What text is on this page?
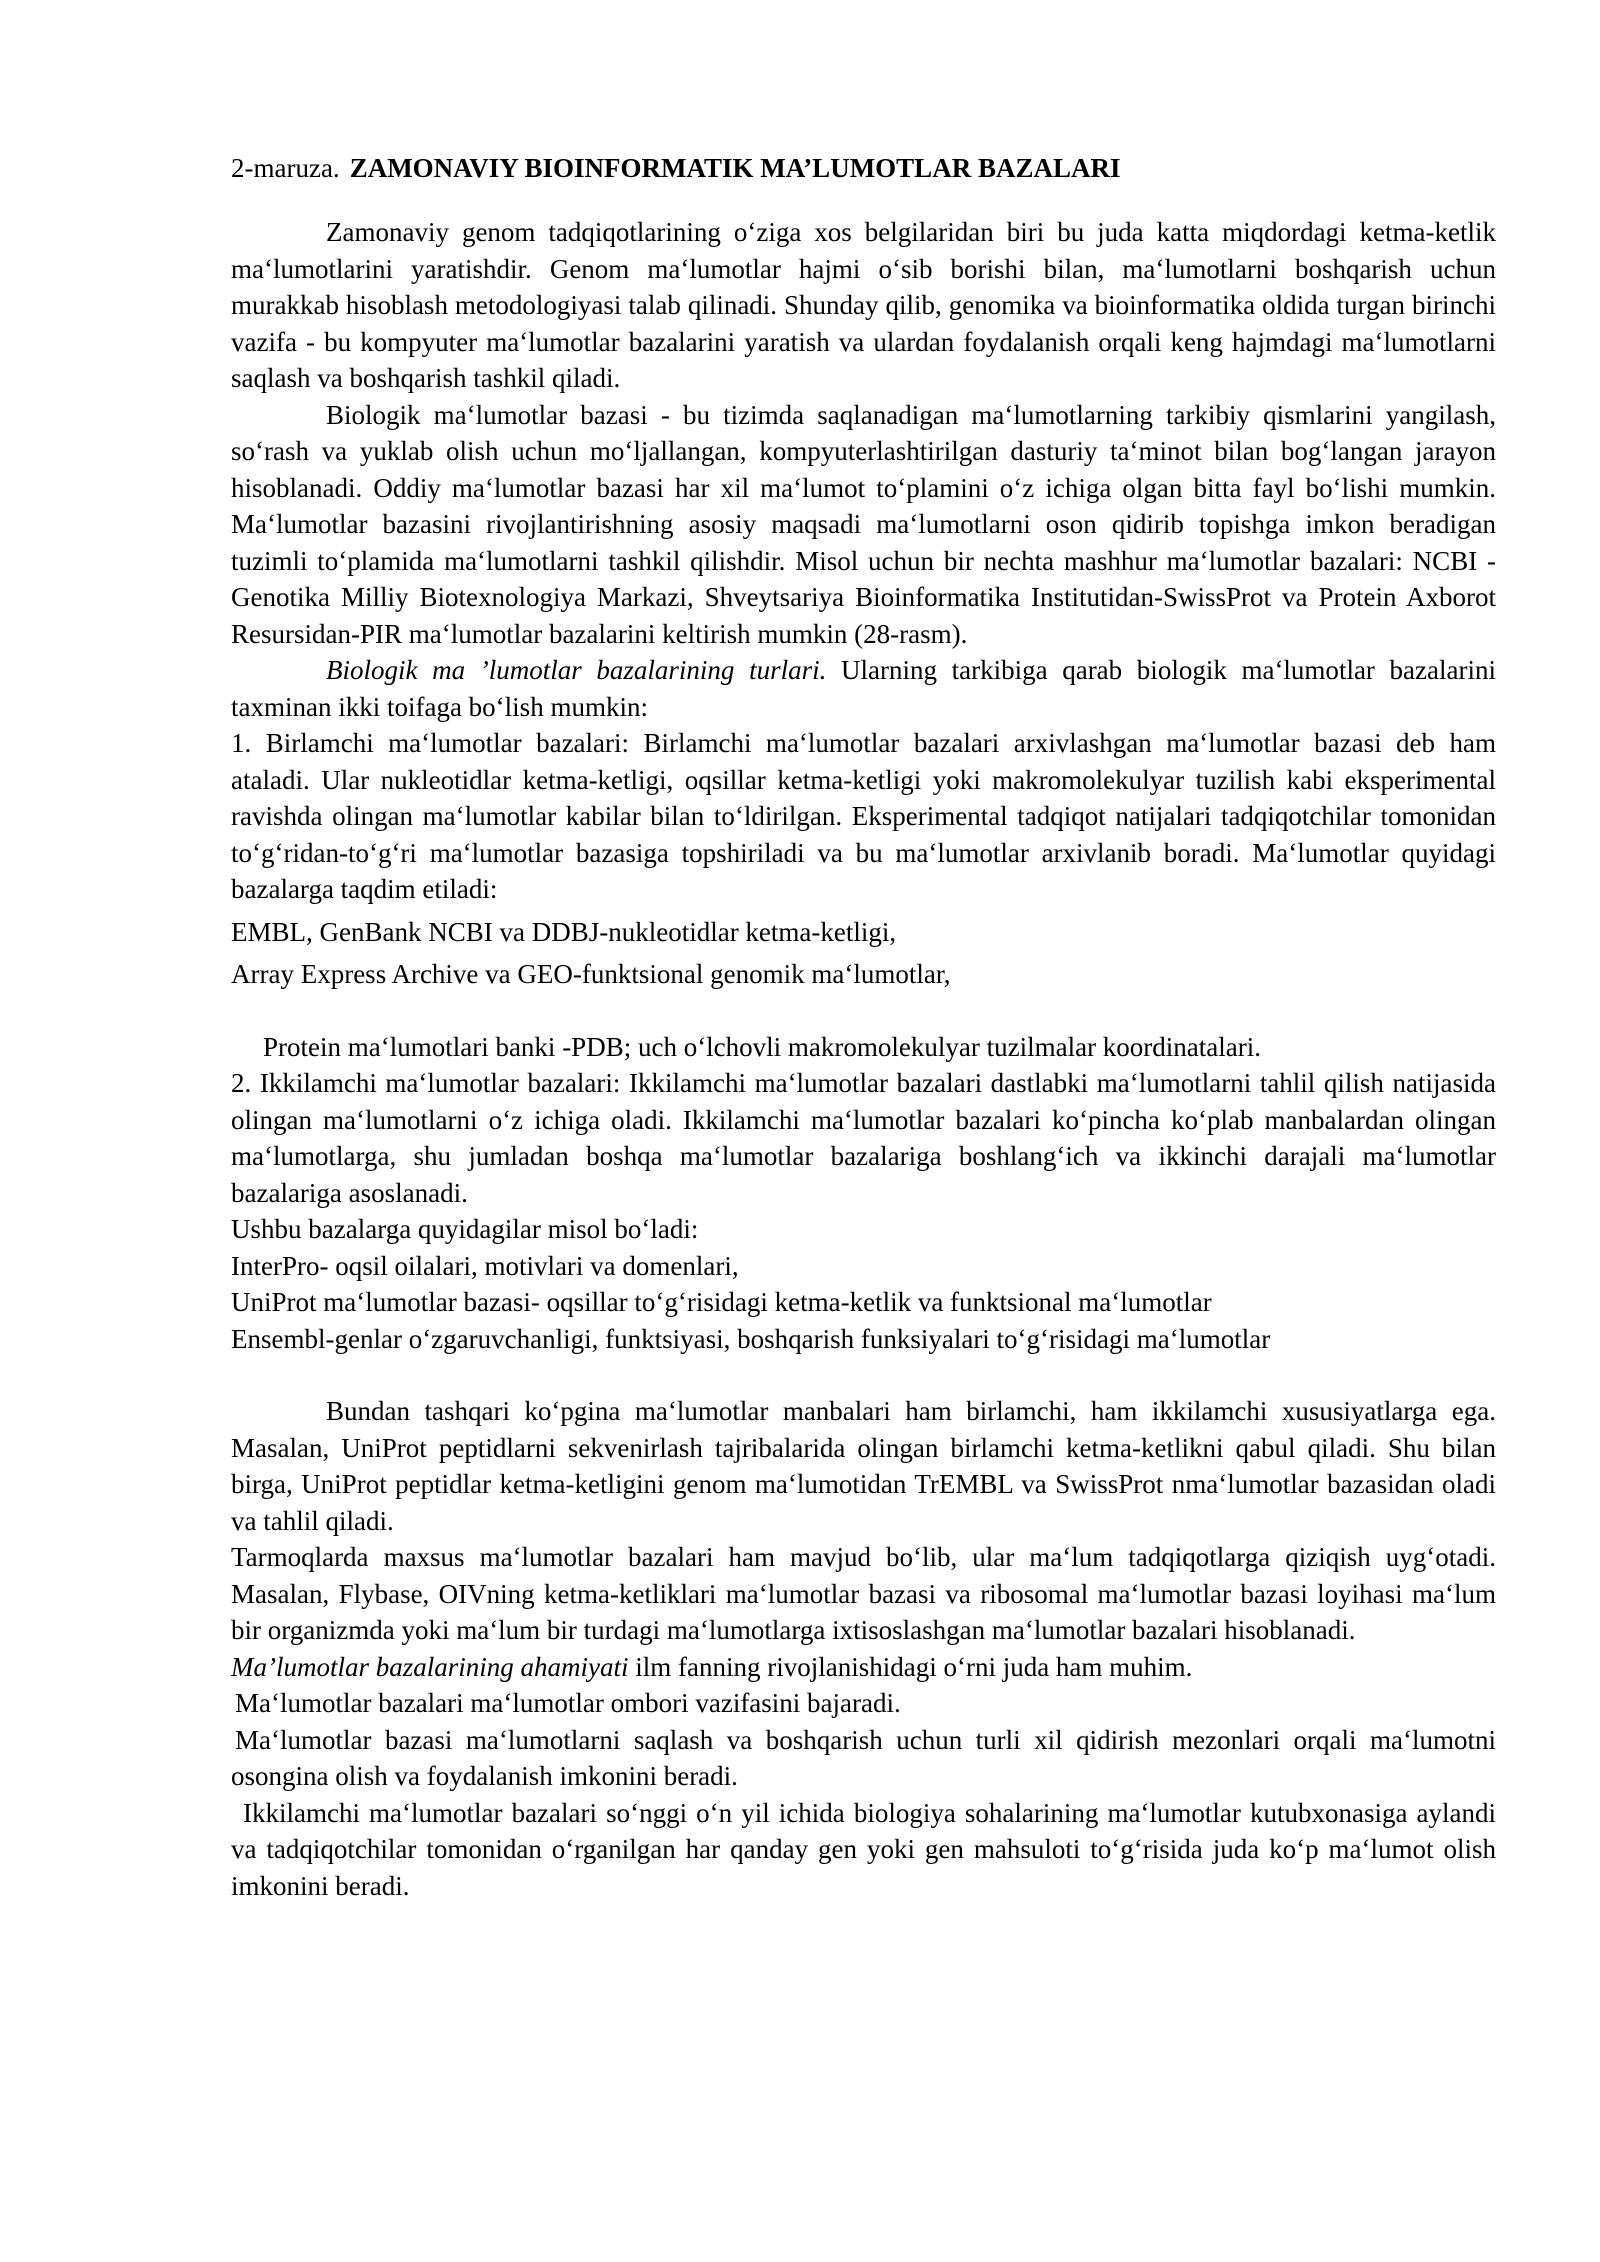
2-maruza. ZAMONAVIY BIOINFORMATIK MA’LUMOTLAR BAZALARI

Zamonaviy genom tadqiqotlarining oʻziga xos belgilaridan biri bu juda katta miqdordagi ketma-ketlik maʻlumotlarini yaratishdir. Genom maʻlumotlar hajmi oʻsib borishi bilan, maʻlumotlarni boshqarish uchun murakkab hisoblash metodologiyasi talab qilinadi. Shunday qilib, genomika va bioinformatika oldida turgan birinchi vazifa - bu kompyuter maʻlumotlar bazalarini yaratish va ulardan foydalanish orqali keng hajmdagi maʻlumotlarni saqlash va boshqarish tashkil qiladi.

Biologik maʻlumotlar bazasi - bu tizimda saqlanadigan maʻlumotlarning tarkibiy qismlarini yangilash, soʻrash va yuklab olish uchun moʻljallangan, kompyuterlashtirilgan dasturiy taʻminot bilan bogʻlangan jarayon hisoblanadi. Oddiy maʻlumotlar bazasi har xil maʻlumot toʻplamini oʻz ichiga olgan bitta fayl boʻlishi mumkin. Maʻlumotlar bazasini rivojlantirishning asosiy maqsadi maʻlumotlarni oson qidirib topishga imkon beradigan tuzimli toʻplamida maʻlumotlarni tashkil qilishdir. Misol uchun bir nechta mashhur maʻlumotlar bazalari: NCBI - Genotika Milliy Biotexnologiya Markazi, Shveytsariya Bioinformatika Institutidan-SwissProt va Protein Axborot Resursidan-PIR maʻlumotlar bazalarini keltirish mumkin (28-rasm).

Biologik ma ’lumotlar bazalarining turlari. Ularning tarkibiga qarab biologik maʻlumotlar bazalarini taxminan ikki toifaga boʻlish mumkin:

1. Birlamchi maʻlumotlar bazalari: Birlamchi maʻlumotlar bazalari arxivlashgan maʻlumotlar bazasi deb ham ataladi. Ular nukleotidlar ketma-ketligi, oqsillar ketma-ketligi yoki makromolekulyar tuzilish kabi eksperimental ravishda olingan maʻlumotlar kabilar bilan toʻldirilgan. Eksperimental tadqiqot natijalari tadqiqotchilar tomonidan toʻgʻridan-toʻgʻri maʻlumotlar bazasiga topshiriladi va bu maʻlumotlar arxivlanib boradi. Maʻlumotlar quyidagi bazalarga taqdim etiladi:

EMBL, GenBank NCBI va DDBJ-nukleotidlar ketma-ketligi,

Array Express Archive va GEO-funktsional genomik maʻlumotlar,

Protein maʻlumotlari banki -PDB; uch oʻlchovli makromolekulyar tuzilmalar koordinatalari.

2. Ikkilamchi maʻlumotlar bazalari: Ikkilamchi maʻlumotlar bazalari dastlabki maʻlumotlarni tahlil qilish natijasida olingan maʻlumotlarni oʻz ichiga oladi. Ikkilamchi maʻlumotlar bazalari koʻpincha koʻplab manbalardan olingan maʻlumotlarga, shu jumladan boshqa maʻlumotlar bazalariga boshlangʻich va ikkinchi darajali maʻlumotlar bazalariga asoslanadi.

Ushbu bazalarga quyidagilar misol boʻladi:

InterPro- oqsil oilalari, motivlari va domenlari,

UniProt maʻlumotlar bazasi- oqsillar toʻgʻrisidagi ketma-ketlik va funktsional maʻlumotlar

Ensembl-genlar oʻzgaruvchanligi, funktsiyasi, boshqarish funksiyalari toʻgʻrisidagi maʻlumotlar

Bundan tashqari koʻpgina maʻlumotlar manbalari ham birlamchi, ham ikkilamchi xususiyatlarga ega. Masalan, UniProt peptidlarni sekvenirlash tajribalarida olingan birlamchi ketma-ketlikni qabul qiladi. Shu bilan birga, UniProt peptidlar ketma-ketligini genom maʻlumotidan TrEMBL va SwissProt nmaʻlumotlar bazasidan oladi va tahlil qiladi.

Tarmoqlarda maxsus maʻlumotlar bazalari ham mavjud boʻlib, ular maʻlum tadqiqotlarga qiziqish uygʻotadi. Masalan, Flybase, OIVning ketma-ketliklari maʻlumotlar bazasi va ribosomal maʻlumotlar bazasi loyihasi maʻlum bir organizmda yoki maʻlum bir turdagi maʻlumotlarga ixtisoslashgan maʻlumotlar bazalari hisoblanadi.

Ma’lumotlar bazalarining ahamiyati ilm fanning rivojlanishidagi oʻrni juda ham muhim.

Maʻlumotlar bazalari maʻlumotlar ombori vazifasini bajaradi.

Maʻlumotlar bazasi maʻlumotlarni saqlash va boshqarish uchun turli xil qidirish mezonlari orqali maʻlumotni osongina olish va foydalanish imkonini beradi.

Ikkilamchi maʻlumotlar bazalari soʻnggi oʻn yil ichida biologiya sohalarining maʻlumotlar kutubxonasiga aylandi va tadqiqotchilar tomonidan oʻrganilgan har qanday gen yoki gen mahsuloti toʻgʻrisida juda koʻp maʻlumot olish imkonini beradi.
